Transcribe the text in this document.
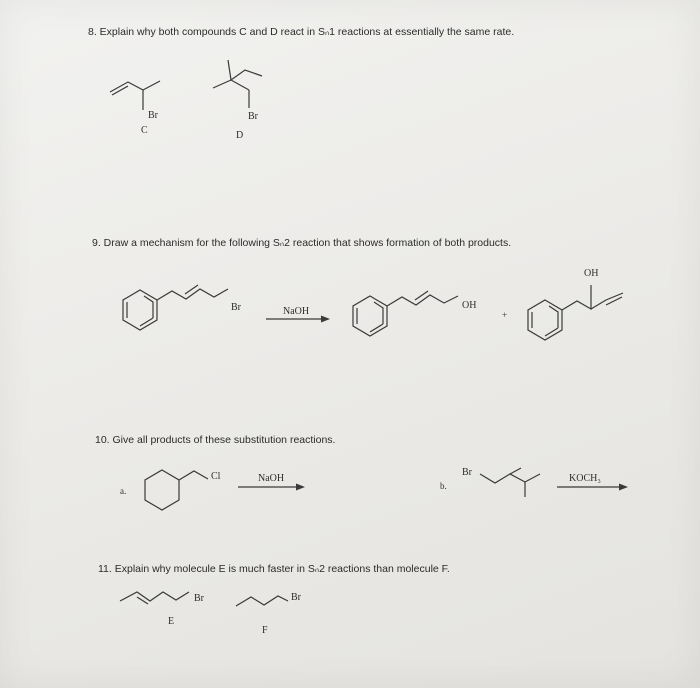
8. Explain why both compounds C and D react in Sₙ1 reactions at essentially the same rate.
9. Draw a mechanism for the following Sₙ2 reaction that shows formation of both products.
10. Give all products of these substitution reactions.
11. Explain why molecule E is much faster in Sₙ2 reactions than molecule F.
Br
C
Br
D
Br	NaOH
OH
+
OH
a.
Cl	NaOH
b.
Br
KOCH₃
Br
E
Br
F
